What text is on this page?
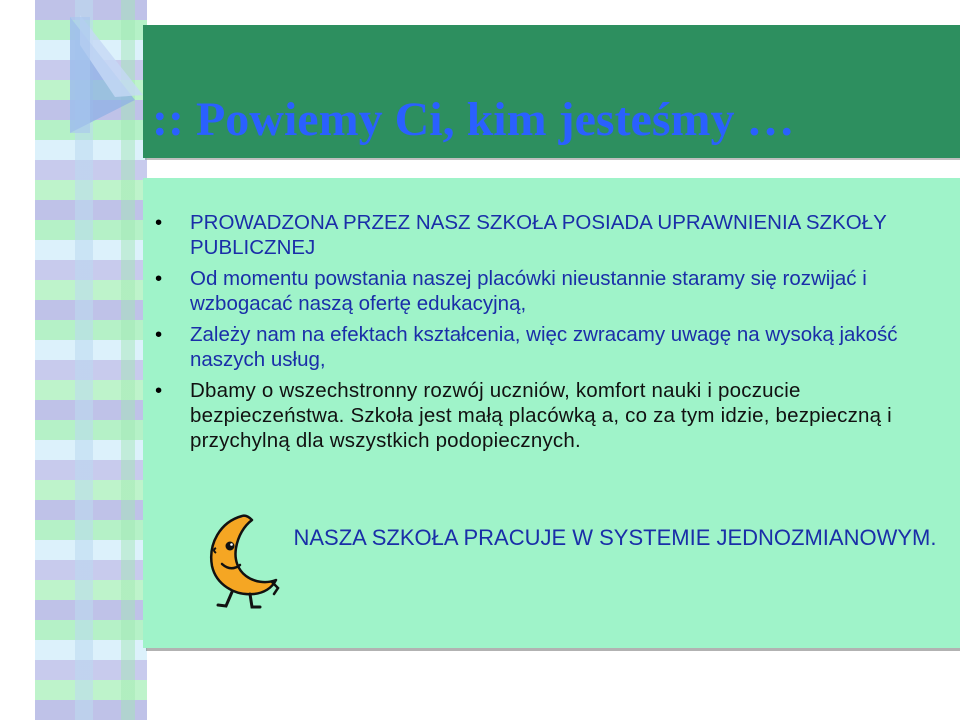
:: Powiemy Ci, kim jesteśmy …
• PROWADZONA PRZEZ NASZ SZKOŁA POSIADA UPRAWNIENIA SZKOŁY PUBLICZNEJ
• Od momentu powstania naszej placówki nieustannie staramy się rozwijać i wzbogacać naszą ofertę edukacyjną,
• Zależy nam na efektach kształcenia, więc zwracamy uwagę na wysoką jakość naszych usług,
• Dbamy o wszechstronny rozwój uczniów, komfort nauki i poczucie bezpieczeństwa. Szkoła jest małą placówką a, co za tym idzie, bezpieczną i przychylną dla wszystkich podopiecznych.

NASZA SZKOŁA PRACUJE W SYSTEMIE JEDNOZMIANOWYM.
